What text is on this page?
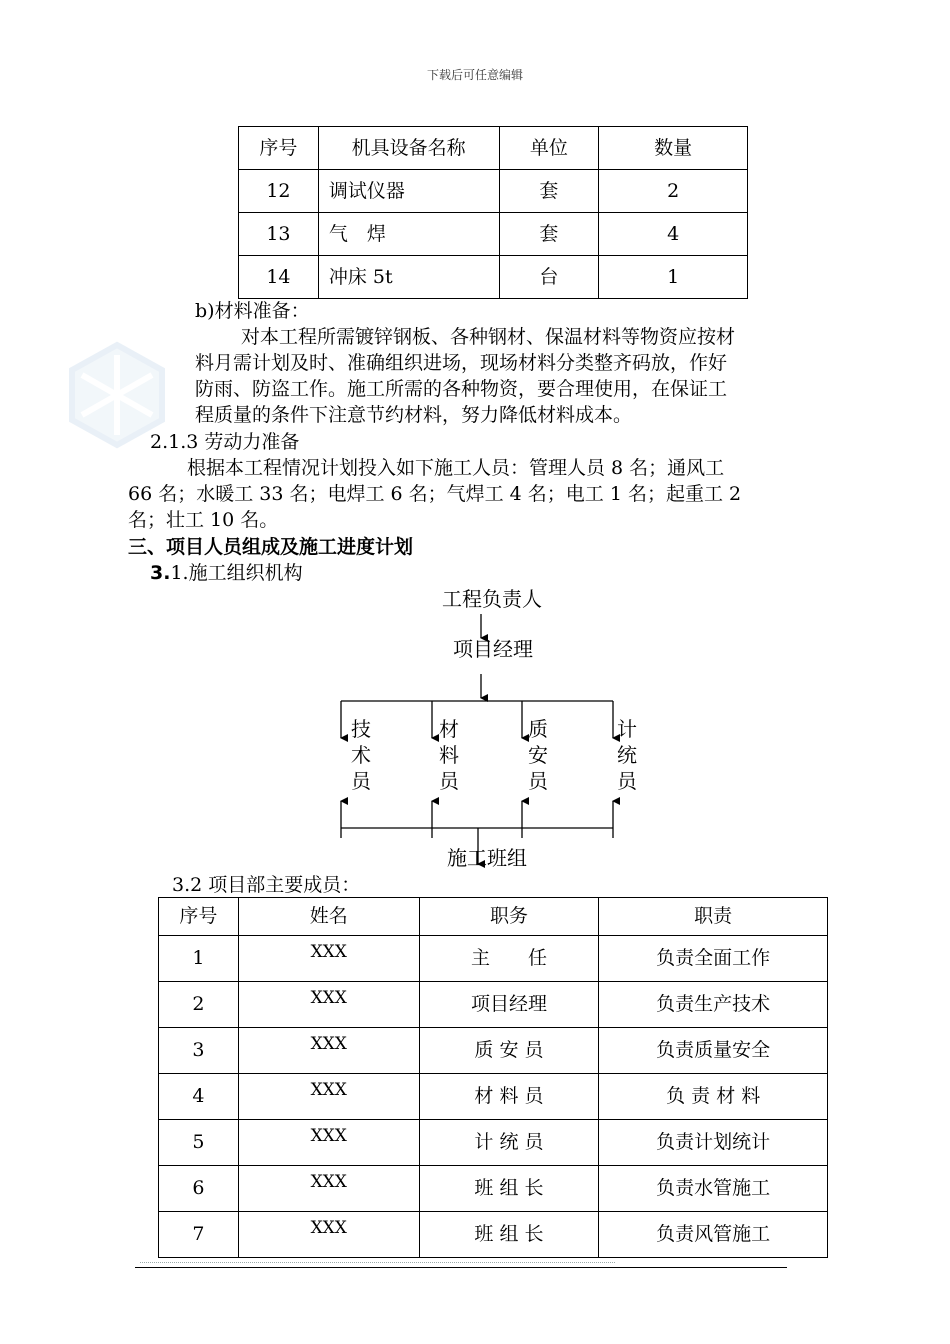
下载后可任意编辑
序号	机具设备名称	单位	数量
12	调试仪器	套	2
13	气　焊	套	4
14	冲床 5t	台	1
b)材料准备：
对本工程所需镀锌钢板、各种钢材、保温材料等物资应按材
料月需计划及时、准确组织进场，现场材料分类整齐码放，作好
防雨、防盗工作。施工所需的各种物资，要合理使用，在保证工
程质量的条件下注意节约材料，努力降低材料成本。
2.1.3 劳动力准备
根据本工程情况计划投入如下施工人员：管理人员 8 名；通风工
66 名；水暖工 33 名；电焊工 6 名；气焊工 4 名；电工 1 名；起重工 2
名；壮工 10 名。
三、项目人员组成及施工进度计划
3.1.施工组织机构
工程负责人
项目经理
技术员
材料员
质安员
计统员
施工班组
3.2 项目部主要成员：
序号	姓名	职务	职责
1	XXX	主　　任	负责全面工作
2	XXX	项目经理	负责生产技术
3	XXX	质 安 员	负责质量安全
4	XXX	材 料 员	负 责 材 料
5	XXX	计 统 员	负责计划统计
6	XXX	班 组 长	负责水管施工
7	XXX	班 组 长	负责风管施工
